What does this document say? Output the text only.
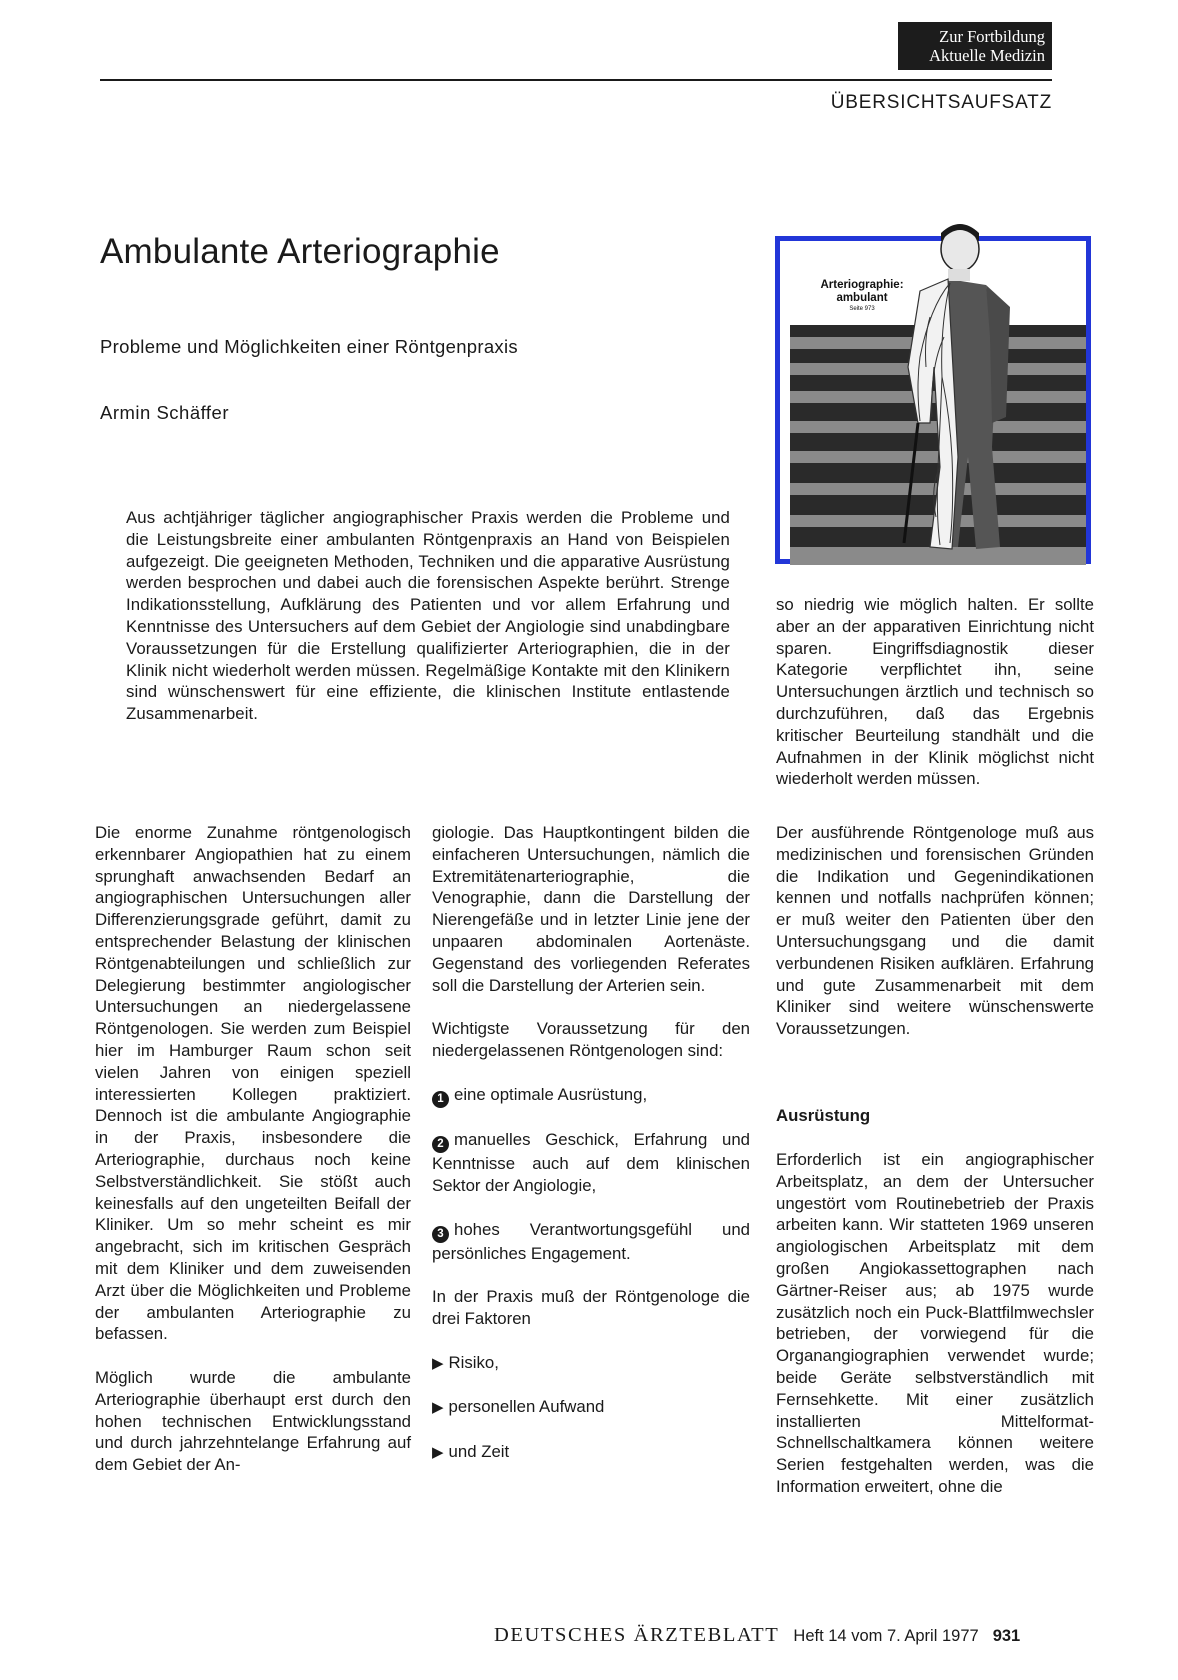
Zur Fortbildung
Aktuelle Medizin
ÜBERSICHTSAUFSATZ
Ambulante Arteriographie
Probleme und Möglichkeiten einer Röntgenpraxis
Armin Schäffer
Arteriographie:
ambulant
Seite 973
Aus achtjähriger täglicher angiographischer Praxis werden die Probleme und die Leistungsbreite einer ambulanten Röntgenpraxis an Hand von Beispielen aufgezeigt. Die geeigneten Methoden, Techniken und die apparative Ausrüstung werden besprochen und dabei auch die forensischen Aspekte berührt. Strenge Indikationsstellung, Aufklärung des Patienten und vor allem Erfahrung und Kenntnisse des Untersuchers auf dem Gebiet der Angiologie sind unabdingbare Voraussetzungen für die Erstellung qualifizierter Arteriographien, die in der Klinik nicht wiederholt werden müssen. Regelmäßige Kontakte mit den Klinikern sind wünschenswert für eine effiziente, die klinischen Institute entlastende Zusammenarbeit.

so niedrig wie möglich halten. Er sollte aber an der apparativen Einrichtung nicht sparen. Eingriffsdiagnostik dieser Kategorie verpflichtet ihn, seine Untersuchungen ärztlich und technisch so durchzuführen, daß das Ergebnis kritischer Beurteilung standhält und die Aufnahmen in der Klinik möglichst nicht wiederholt werden müssen.

Die enorme Zunahme röntgenologisch erkennbarer Angiopathien hat zu einem sprunghaft anwachsenden Bedarf an angiographischen Untersuchungen aller Differenzierungsgrade geführt, damit zu entsprechender Belastung der klinischen Röntgenabteilungen und schließlich zur Delegierung bestimmter angiologischer Untersuchungen an niedergelassene Röntgenologen. Sie werden zum Beispiel hier im Hamburger Raum schon seit vielen Jahren von einigen speziell interessierten Kollegen praktiziert. Dennoch ist die ambulante Angiographie in der Praxis, insbesondere die Arteriographie, durchaus noch keine Selbstverständlichkeit. Sie stößt auch keinesfalls auf den ungeteilten Beifall der Kliniker. Um so mehr scheint es mir angebracht, sich im kritischen Gespräch mit dem Kliniker und dem zuweisenden Arzt über die Möglichkeiten und Probleme der ambulanten Arteriographie zu befassen.

Möglich wurde die ambulante Arteriographie überhaupt erst durch den hohen technischen Entwicklungsstand und durch jahrzehntelange Erfahrung auf dem Gebiet der An-

giologie. Das Hauptkontingent bilden die einfacheren Untersuchungen, nämlich die Extremitätenarteriographie, die Venographie, dann die Darstellung der Nierengefäße und in letzter Linie jene der unpaaren abdominalen Aortenäste. Gegenstand des vorliegenden Referates soll die Darstellung der Arterien sein.

Wichtigste Voraussetzung für den niedergelassenen Röntgenologen sind:

1 eine optimale Ausrüstung,

2 manuelles Geschick, Erfahrung und Kenntnisse auch auf dem klinischen Sektor der Angiologie,

3 hohes Verantwortungsgefühl und persönliches Engagement.

In der Praxis muß der Röntgenologe die drei Faktoren

▶ Risiko,

▶ personellen Aufwand

▶ und Zeit

Der ausführende Röntgenologe muß aus medizinischen und forensischen Gründen die Indikation und Gegenindikationen kennen und notfalls nachprüfen können; er muß weiter den Patienten über den Untersuchungsgang und die damit verbundenen Risiken aufklären. Erfahrung und gute Zusammenarbeit mit dem Kliniker sind weitere wünschenswerte Voraussetzungen.

Ausrüstung

Erforderlich ist ein angiographischer Arbeitsplatz, an dem der Untersucher ungestört vom Routinebetrieb der Praxis arbeiten kann. Wir statteten 1969 unseren angiologischen Arbeitsplatz mit dem großen Angiokassettographen nach Gärtner-Reiser aus; ab 1975 wurde zusätzlich noch ein Puck-Blattfilmwechsler betrieben, der vorwiegend für die Organangiographien verwendet wurde; beide Geräte selbstverständlich mit Fernsehkette. Mit einer zusätzlich installierten Mittelformat-Schnellschaltkamera können weitere Serien festgehalten werden, was die Information erweitert, ohne die

DEUTSCHES ÄRZTEBLATT Heft 14 vom 7. April 1977 931
